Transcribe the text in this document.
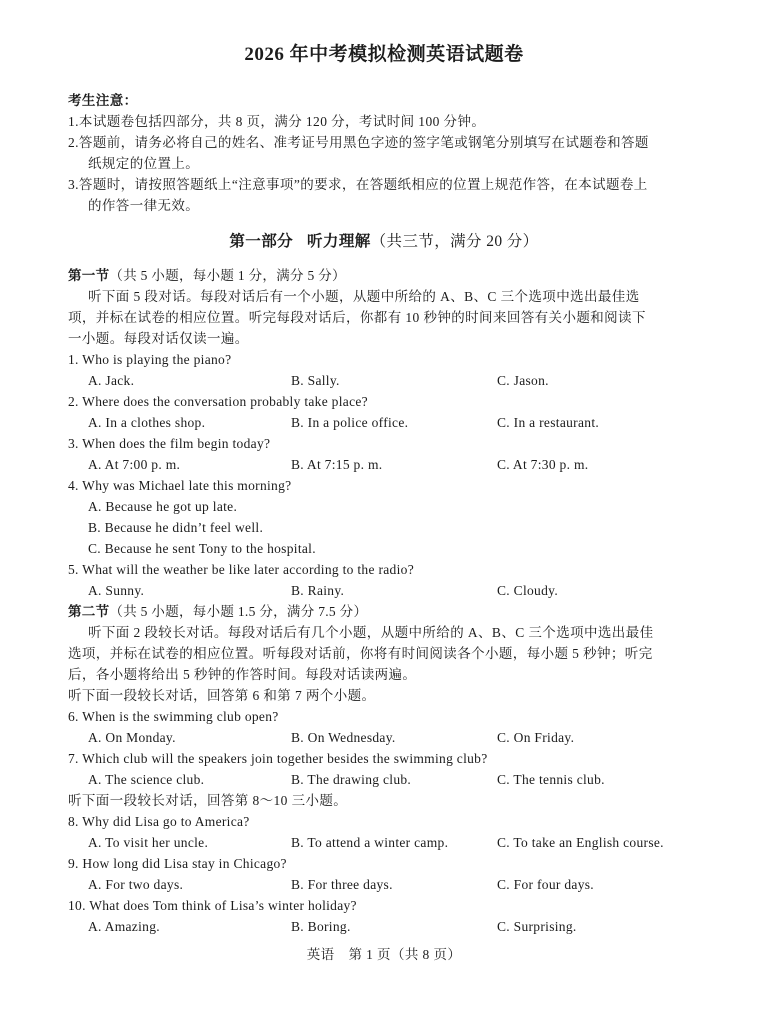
2026 年中考模拟检测英语试题卷
考生注意：
1.本试题卷包括四部分，共 8 页，满分 120 分，考试时间 100 分钟。
2.答题前，请务必将自己的姓名、准考证号用黑色字迹的签字笔或钢笔分别填写在试题卷和答题
纸规定的位置上。
3.答题时，请按照答题纸上“注意事项”的要求，在答题纸相应的位置上规范作答，在本试题卷上
的作答一律无效。
第一部分 听力理解（共三节，满分 20 分）
第一节（共 5 小题，每小题 1 分，满分 5 分）
听下面 5 段对话。每段对话后有一个小题，从题中所给的 A、B、C 三个选项中选出最佳选
项，并标在试卷的相应位置。听完每段对话后，你都有 10 秒钟的时间来回答有关小题和阅读下
一小题。每段对话仅读一遍。
1. Who is playing the piano?
A. Jack.	B. Sally.	C. Jason.
2. Where does the conversation probably take place?
A. In a clothes shop.	B. In a police office.	C. In a restaurant.
3. When does the film begin today?
A. At 7:00 p. m.	B. At 7:15 p. m.	C. At 7:30 p. m.
4. Why was Michael late this morning?
A. Because he got up late.
B. Because he didn’t feel well.
C. Because he sent Tony to the hospital.
5. What will the weather be like later according to the radio?
A. Sunny.	B. Rainy.	C. Cloudy.
第二节（共 5 小题，每小题 1.5 分，满分 7.5 分）
听下面 2 段较长对话。每段对话后有几个小题，从题中所给的 A、B、C 三个选项中选出最佳
选项，并标在试卷的相应位置。听每段对话前，你将有时间阅读各个小题，每小题 5 秒钟；听完
后，各小题将给出 5 秒钟的作答时间。每段对话读两遍。
听下面一段较长对话，回答第 6 和第 7 两个小题。
6. When is the swimming club open?
A. On Monday.	B. On Wednesday.	C. On Friday.
7. Which club will the speakers join together besides the swimming club?
A. The science club.	B. The drawing club.	C. The tennis club.
听下面一段较长对话，回答第 8～10 三小题。
8. Why did Lisa go to America?
A. To visit her uncle.	B. To attend a winter camp.	C. To take an English course.
9. How long did Lisa stay in Chicago?
A. For two days.	B. For three days.	C. For four days.
10. What does Tom think of Lisa’s winter holiday?
A. Amazing.	B. Boring.	C. Surprising.
英语　第 1 页（共 8 页）
